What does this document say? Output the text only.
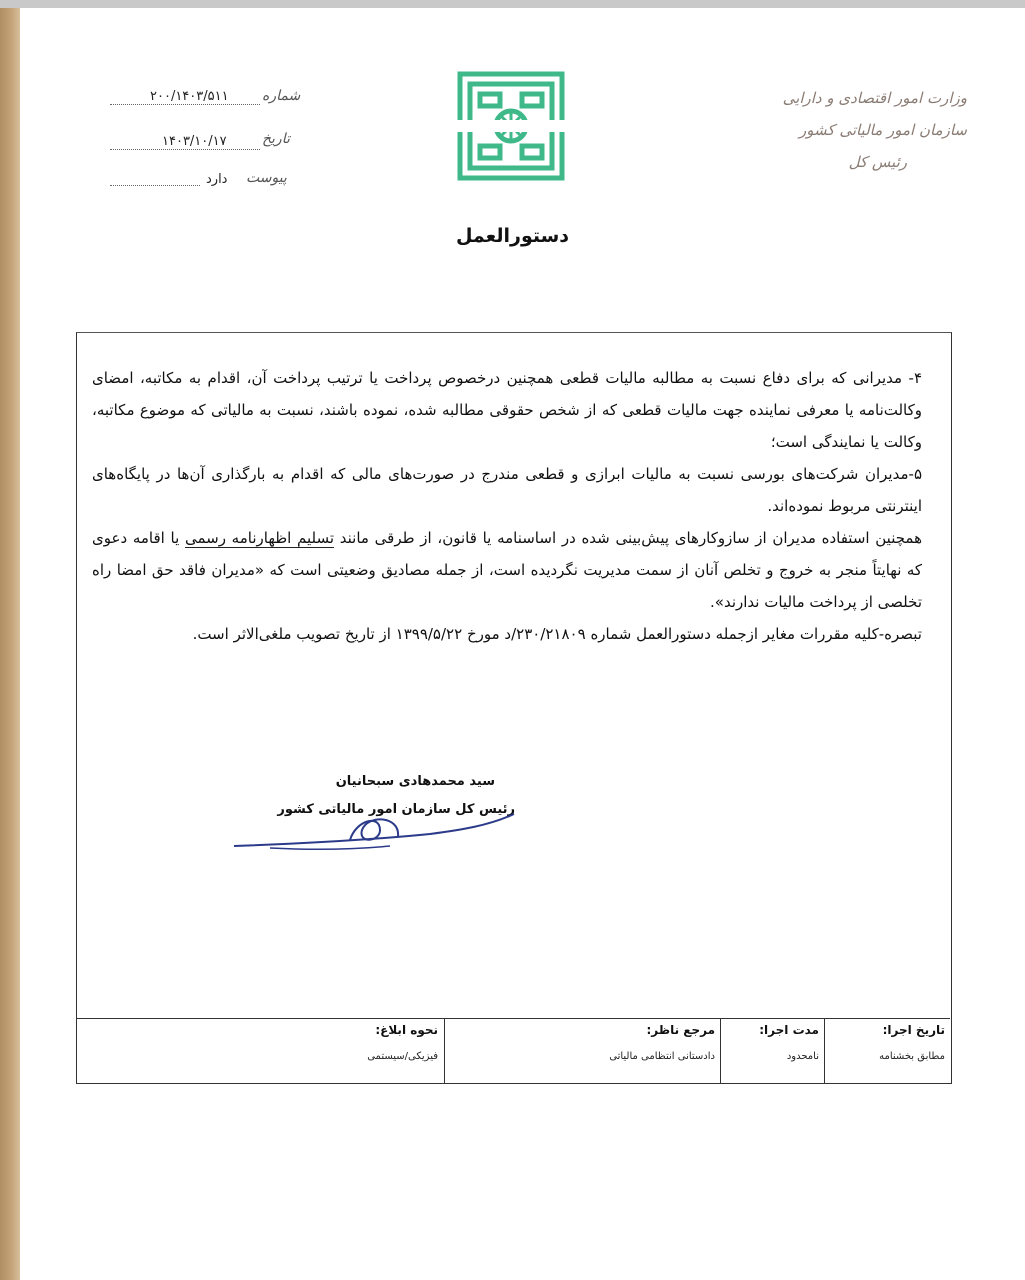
۲۰۰/۱۴۰۳/۵۱۱ شماره
۱۴۰۳/۱۰/۱۷	تاریخ
دارد پیوست
وزارت امور اقتصادی و دارایی
سازمان امور مالیاتی کشور
رئیس کل
دستورالعمل

۴- مدیرانی که برای دفاع نسبت به مطالبه مالیات قطعی همچنین درخصوص پرداخت یا ترتیب پرداخت آن، اقدام به مکاتبه، امضای وکالت‌نامه یا معرفی نماینده جهت مالیات قطعی که از شخص حقوقی مطالبه شده، نموده باشند، نسبت به مالیاتی که موضوع مکاتبه، وکالت یا نمایندگی است؛

۵-مدیران شرکت‌های بورسی نسبت به مالیات ابرازی و قطعی مندرج در صورت‌های مالی که اقدام به بارگذاری آن‌ها در پایگاه‌های اینترنتی مربوط نموده‌اند.

همچنین استفاده مدیران از سازوکارهای پیش‌بینی شده در اساسنامه یا قانون، از طرقی مانند تسلیم اظهارنامه رسمی یا اقامه دعوی که نهایتاً منجر به خروج و تخلص آنان از سمت مدیریت نگردیده است، از جمله مصادیق وضعیتی است که «مدیران فاقد حق امضا راه تخلصی از پرداخت مالیات ندارند».

تبصره-کلیه مقررات مغایر ازجمله دستورالعمل شماره ۲۳۰/۲۱۸۰۹/د مورخ ۱۳۹۹/۵/۲۲ از تاریخ تصویب ملغی‌الاثر است.

سید محمدهادی سبحانیان
رئیس کل سازمان امور مالیاتی کشور
تاریخ اجرا:
مطابق بخشنامه
مدت اجرا:
نامحدود
مرجع ناظر:
دادستانی انتظامی مالیاتی
نحوه ابلاغ:
فیزیکی/سیستمی
